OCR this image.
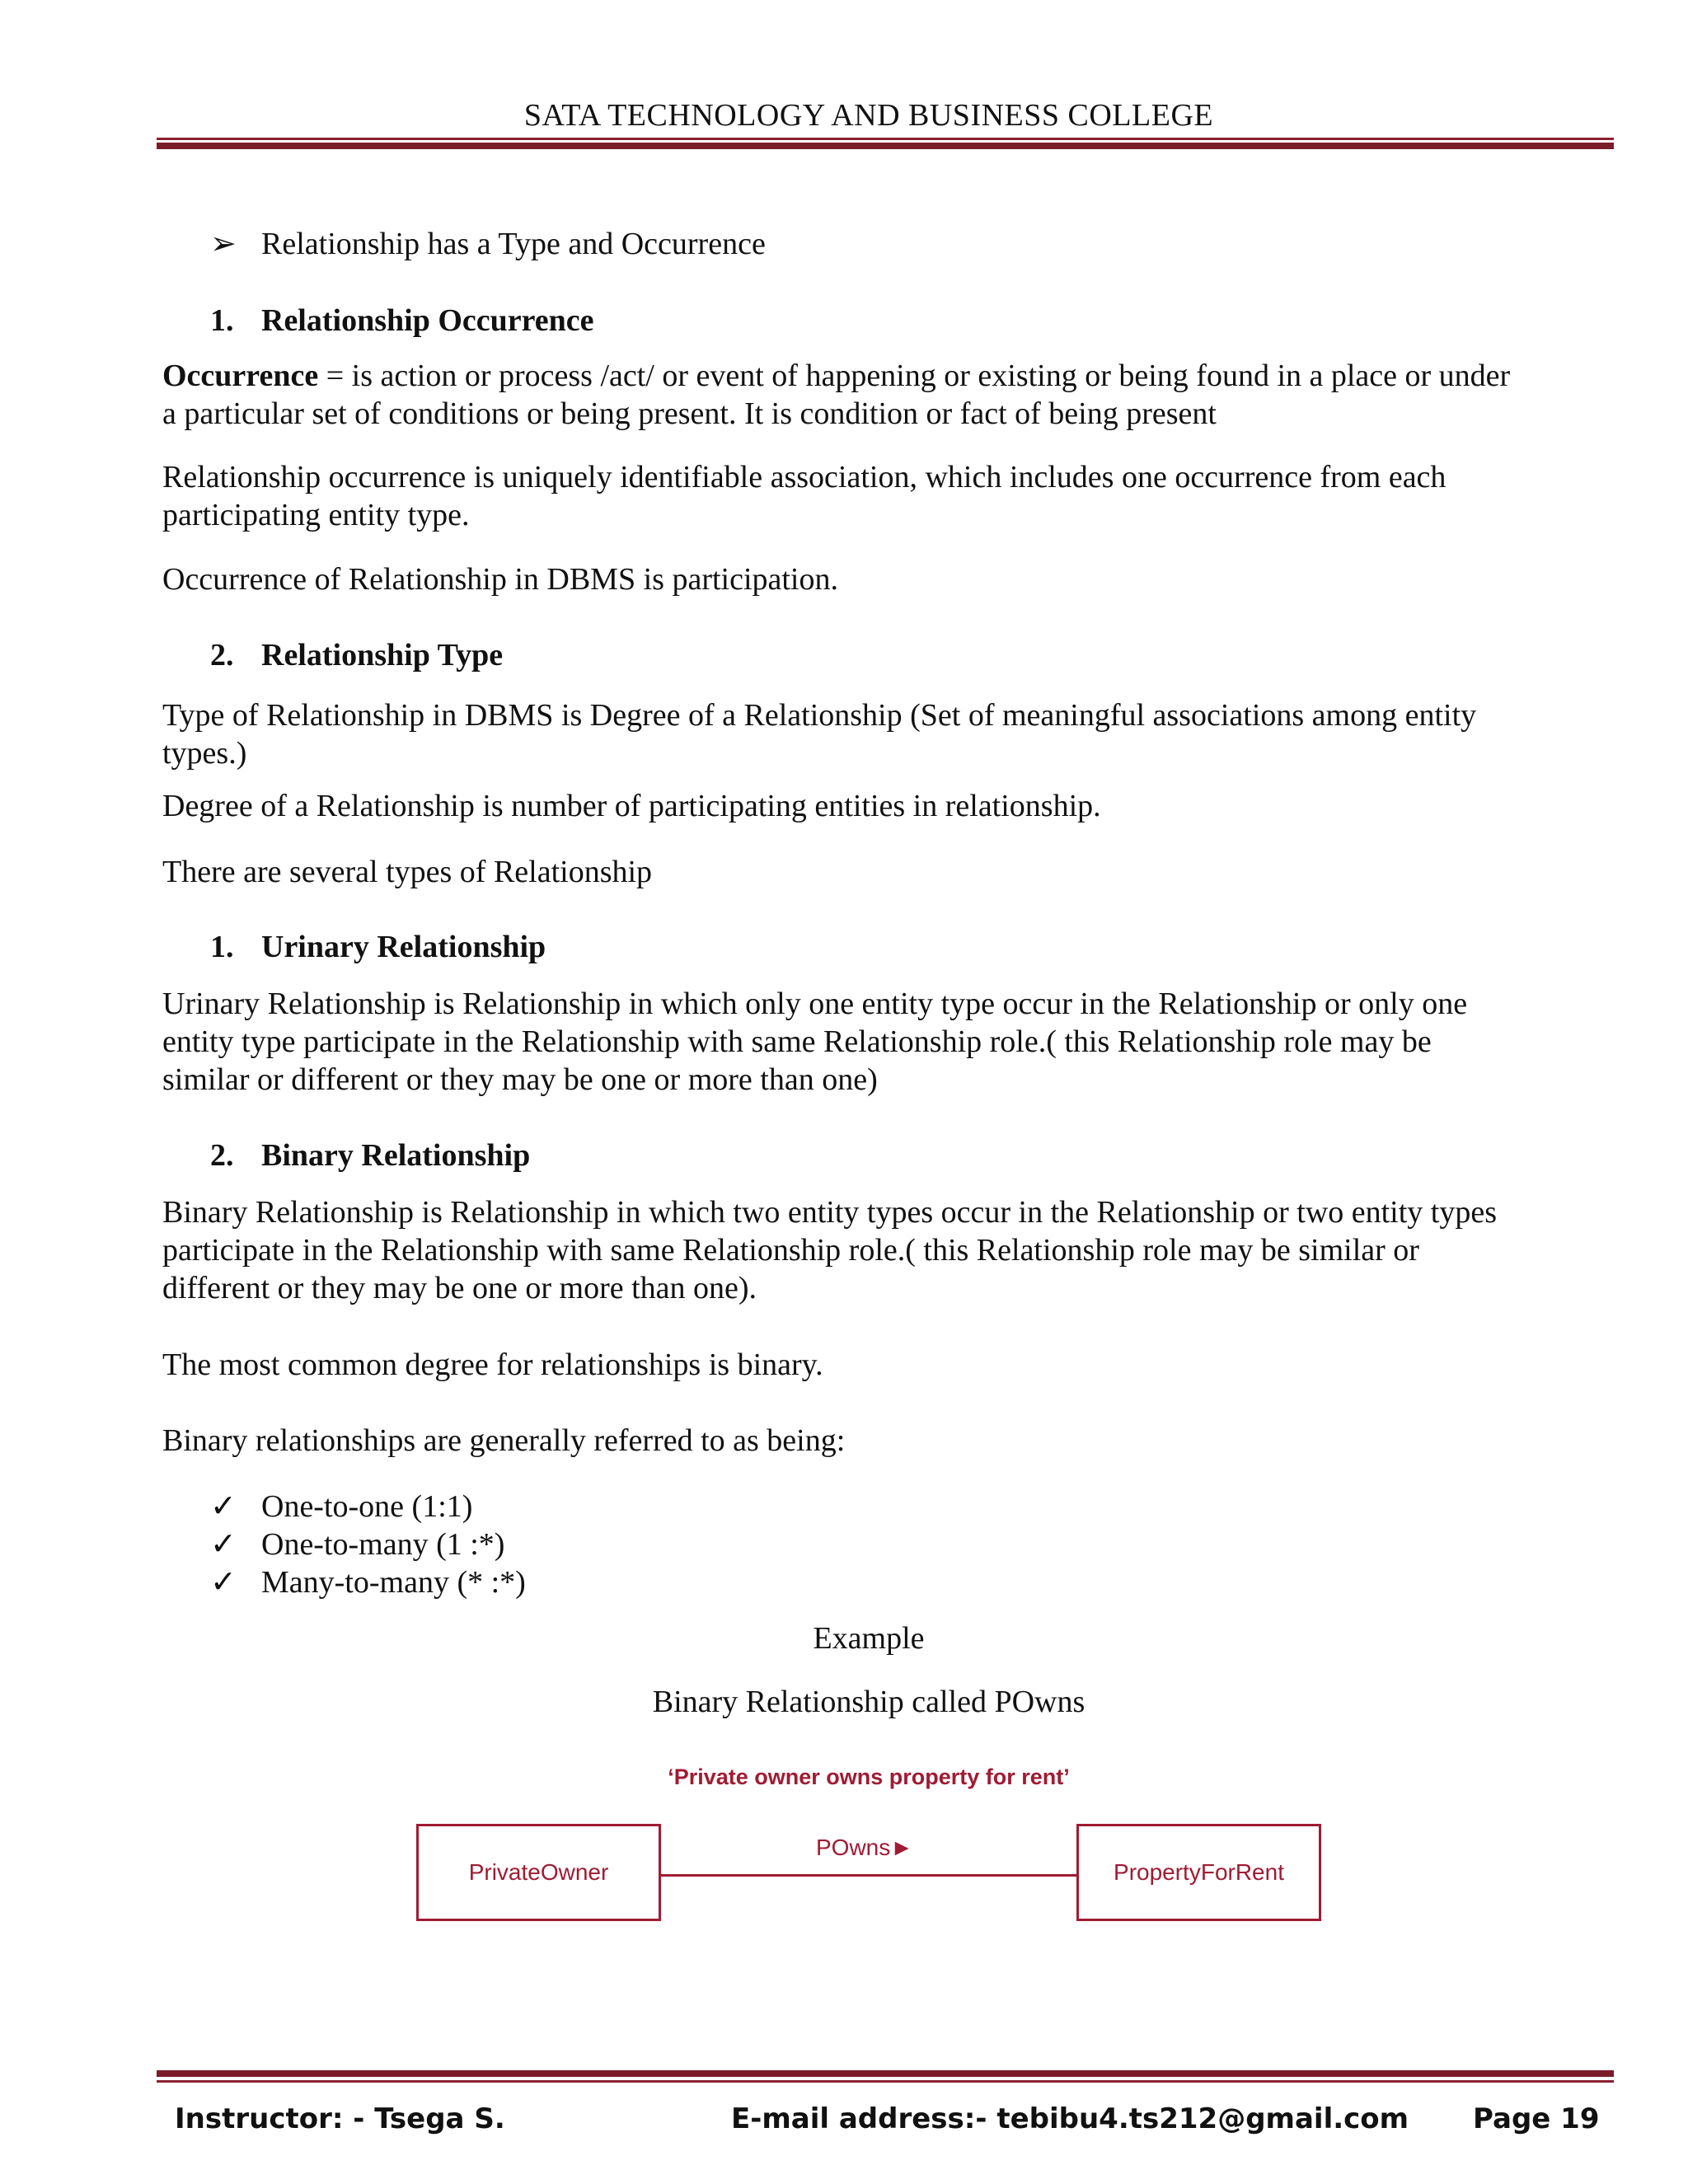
SATA TECHNOLOGY AND BUSINESS COLLEGE
➢ Relationship has a Type and Occurrence
1. Relationship Occurrence
Occurrence = is action or process /act/ or event of happening or existing or being found in a place or under
a particular set of conditions or being present. It is condition or fact of being present
Relationship occurrence is uniquely identifiable association, which includes one occurrence from each
participating entity type.
Occurrence of Relationship in DBMS is participation.
2. Relationship Type
Type of Relationship in DBMS is Degree of a Relationship (Set of meaningful associations among entity
types.)
Degree of a Relationship is number of participating entities in relationship.
There are several types of Relationship
1. Urinary Relationship
Urinary Relationship is Relationship in which only one entity type occur in the Relationship or only one
entity type participate in the Relationship with same Relationship role.( this Relationship role may be
similar or different or they may be one or more than one)
2. Binary Relationship
Binary Relationship is Relationship in which two entity types occur in the Relationship or two entity types
participate in the Relationship with same Relationship role.( this Relationship role may be similar or
different or they may be one or more than one).
The most common degree for relationships is binary.
Binary relationships are generally referred to as being:
✓ One-to-one (1:1)
✓ One-to-many (1 :*)
✓ Many-to-many (* :*)
Example
Binary Relationship called POwns
‘Private owner owns property for rent’
PrivateOwner
POwns►
PropertyForRent
Instructor: - Tsega S.	E-mail address:- tebibu4.ts212@gmail.com Page 19
